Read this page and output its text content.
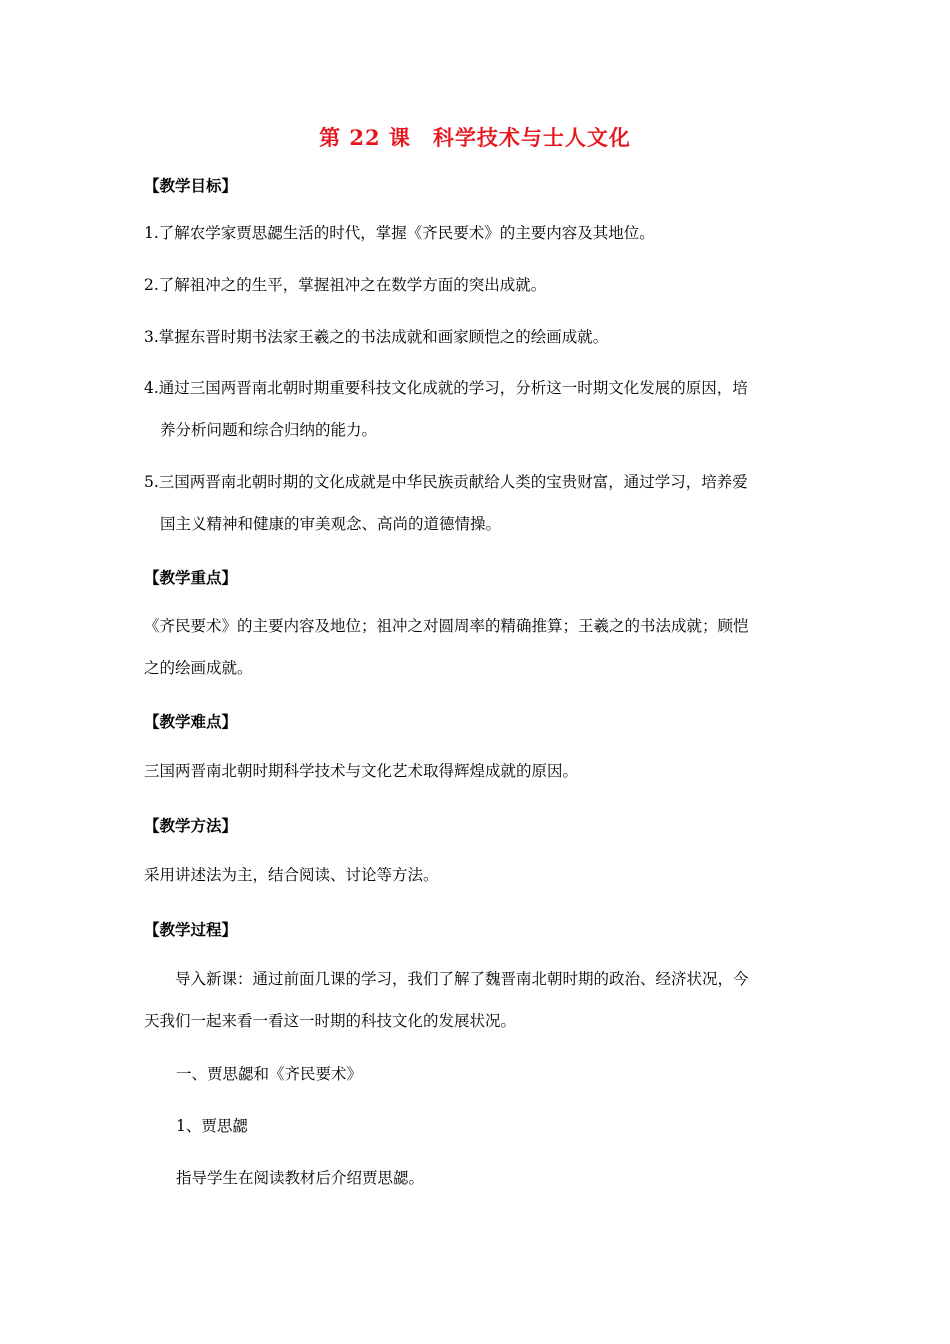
第 22 课 科学技术与士人文化

【教学目标】

1.了解农学家贾思勰生活的时代，掌握《齐民要术》的主要内容及其地位。

2.了解祖冲之的生平，掌握祖冲之在数学方面的突出成就。

3.掌握东晋时期书法家王羲之的书法成就和画家顾恺之的绘画成就。

4.通过三国两晋南北朝时期重要科技文化成就的学习，分析这一时期文化发展的原因，培
养分析问题和综合归纳的能力。

5.三国两晋南北朝时期的文化成就是中华民族贡献给人类的宝贵财富，通过学习，培养爱
国主义精神和健康的审美观念、高尚的道德情操。

【教学重点】

《齐民要术》的主要内容及地位；祖冲之对圆周率的精确推算；王羲之的书法成就；顾恺
之的绘画成就。

【教学难点】

三国两晋南北朝时期科学技术与文化艺术取得辉煌成就的原因。

【教学方法】

采用讲述法为主，结合阅读、讨论等方法。

【教学过程】

导入新课：通过前面几课的学习，我们了解了魏晋南北朝时期的政治、经济状况，今
天我们一起来看一看这一时期的科技文化的发展状况。

一、贾思勰和《齐民要术》

1、贾思勰

指导学生在阅读教材后介绍贾思勰。
